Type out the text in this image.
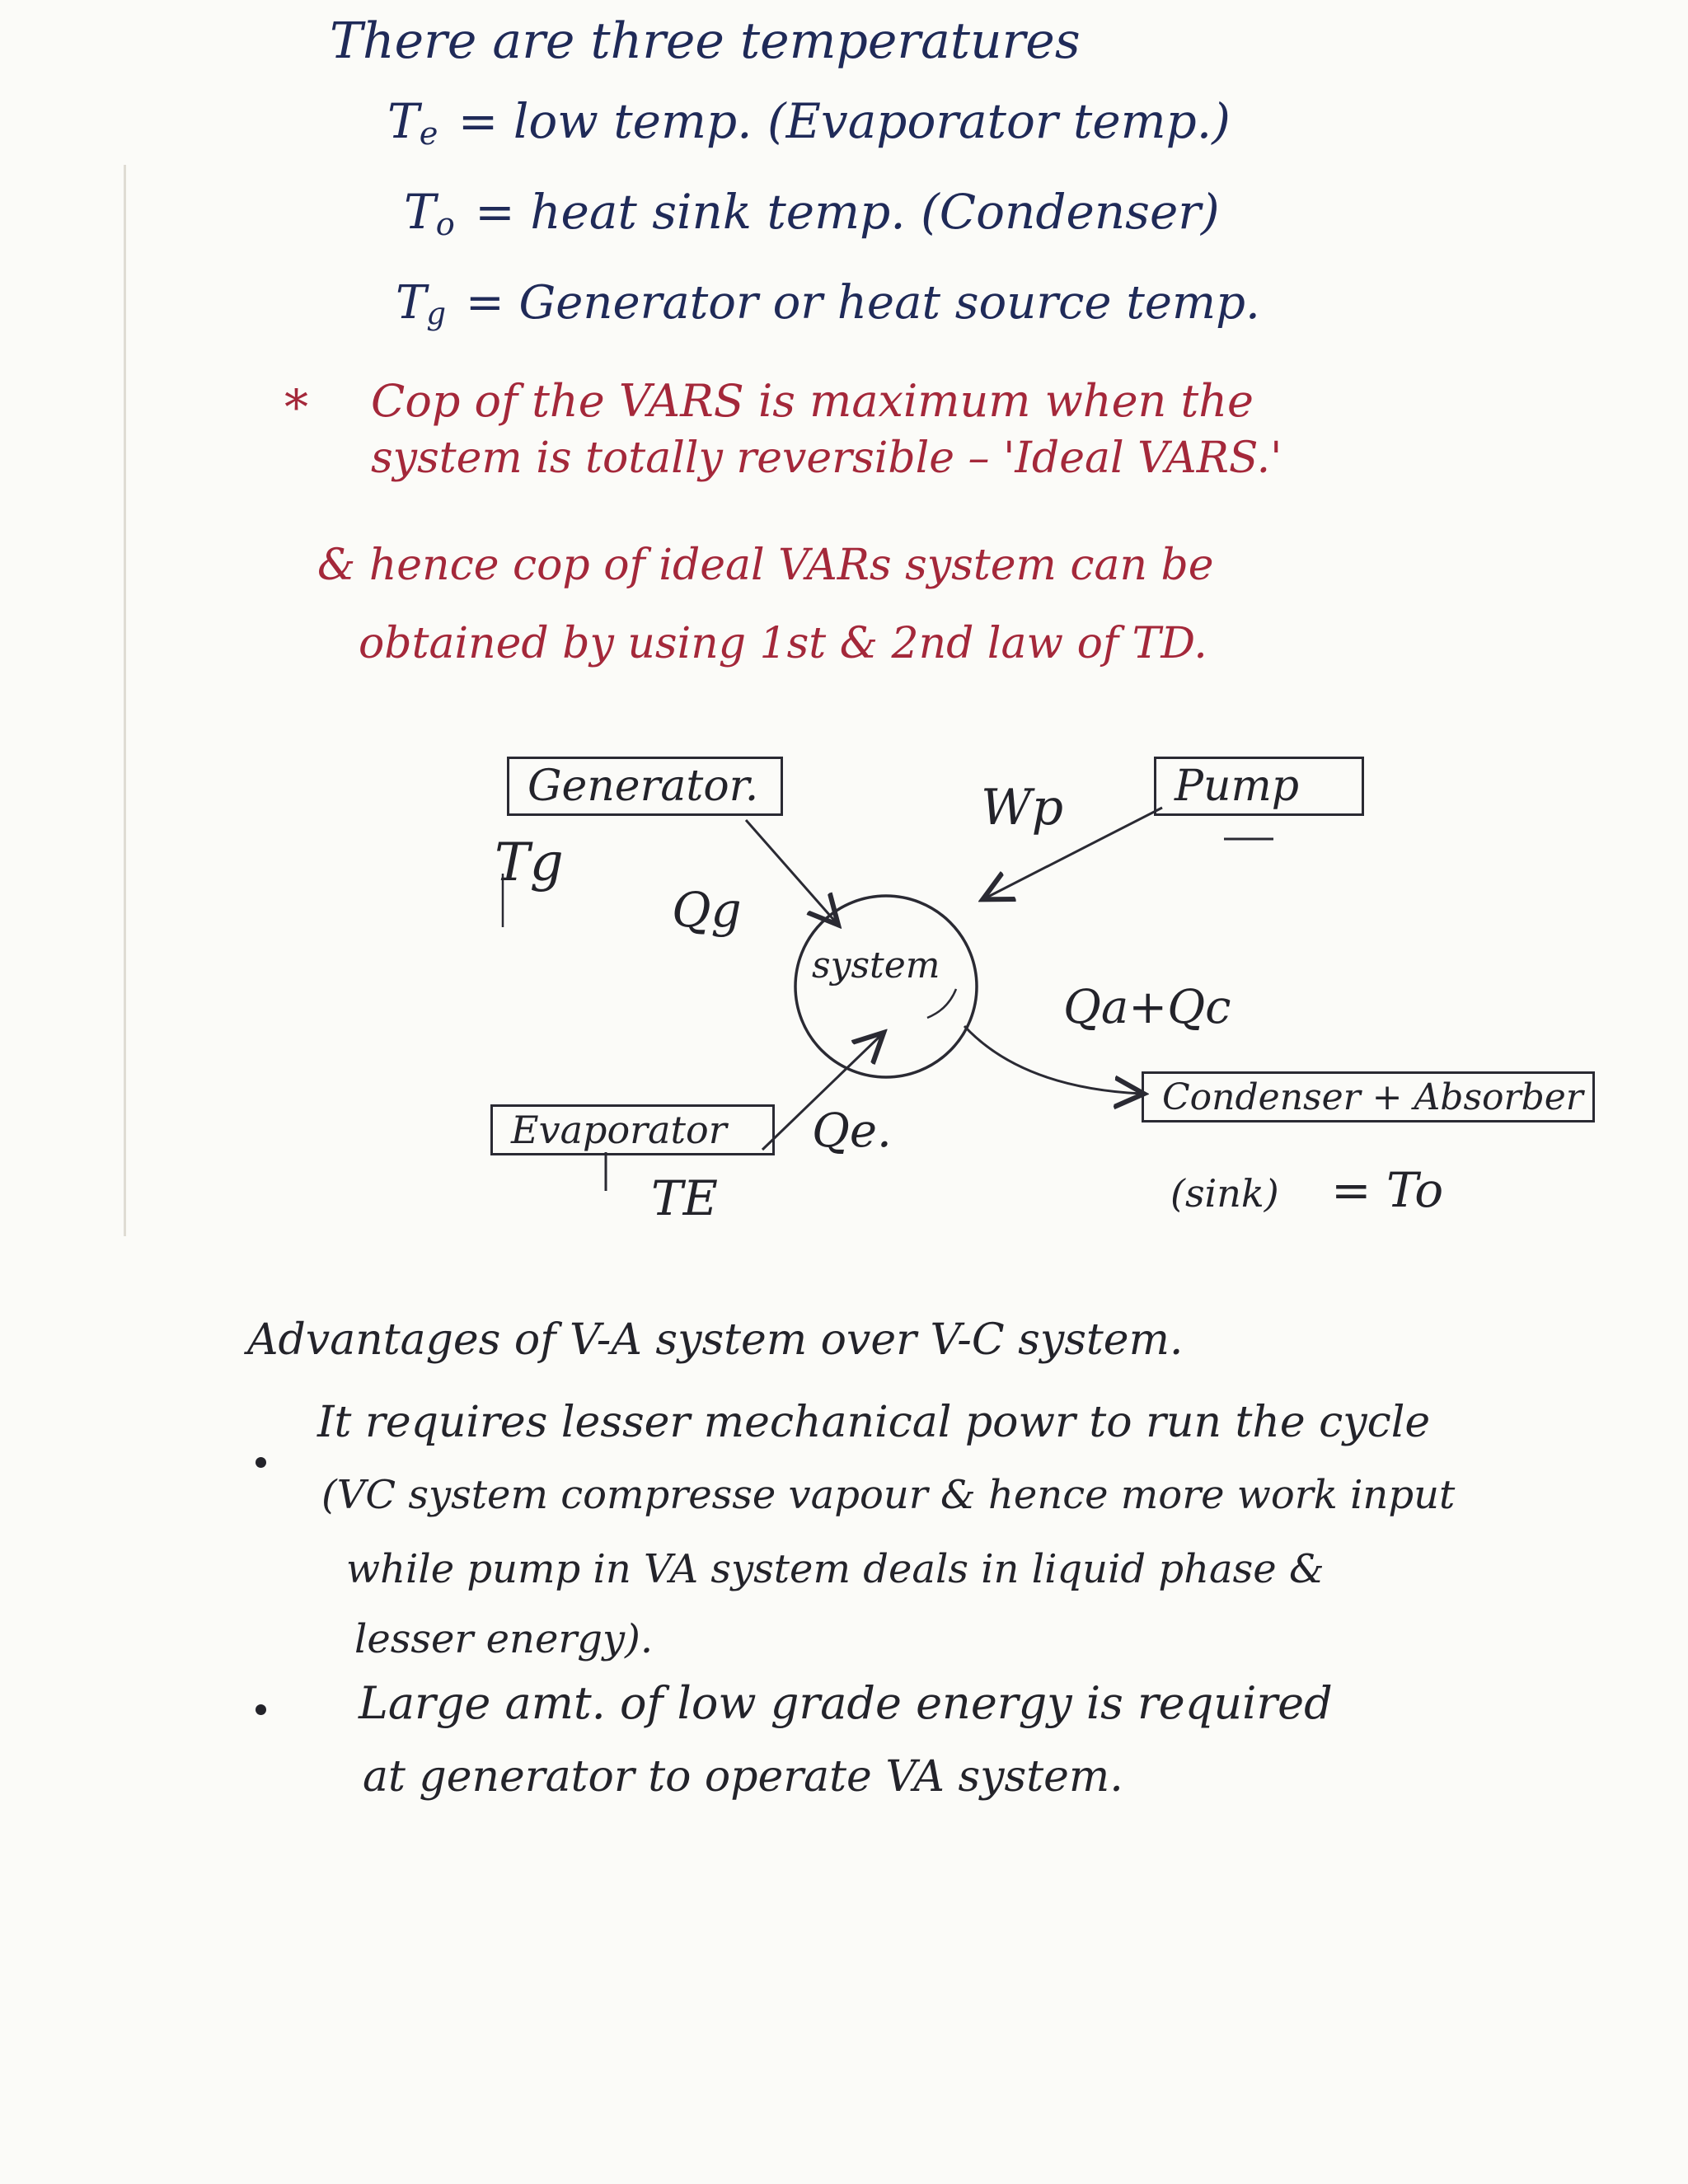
There are three temperatures
Te = low temp. (Evaporator temp.)
To = heat sink temp. (Condenser)
$T_g$ = Generator or heat source temp.
* Cop of the VARS is maximum when the
system is totally reversible – 'Ideal VARS.'
& hence cop of ideal VARs system can be
obtained by using 1st & 2nd law of TD.
Generator.	Pump
Evaporator
Condenser + Absorber
system
Tg
Qg
Wp
Qa+Qc
Qe.
TE	(sink) = To
Advantages of V-A system over V-C system.
It requires lesser mechanical powr to run the cycle
(VC system compresse vapour & hence more work input
while pump in VA system deals in liquid phase &
lesser energy).
Large amt. of low grade energy is required
at generator to operate VA system.
